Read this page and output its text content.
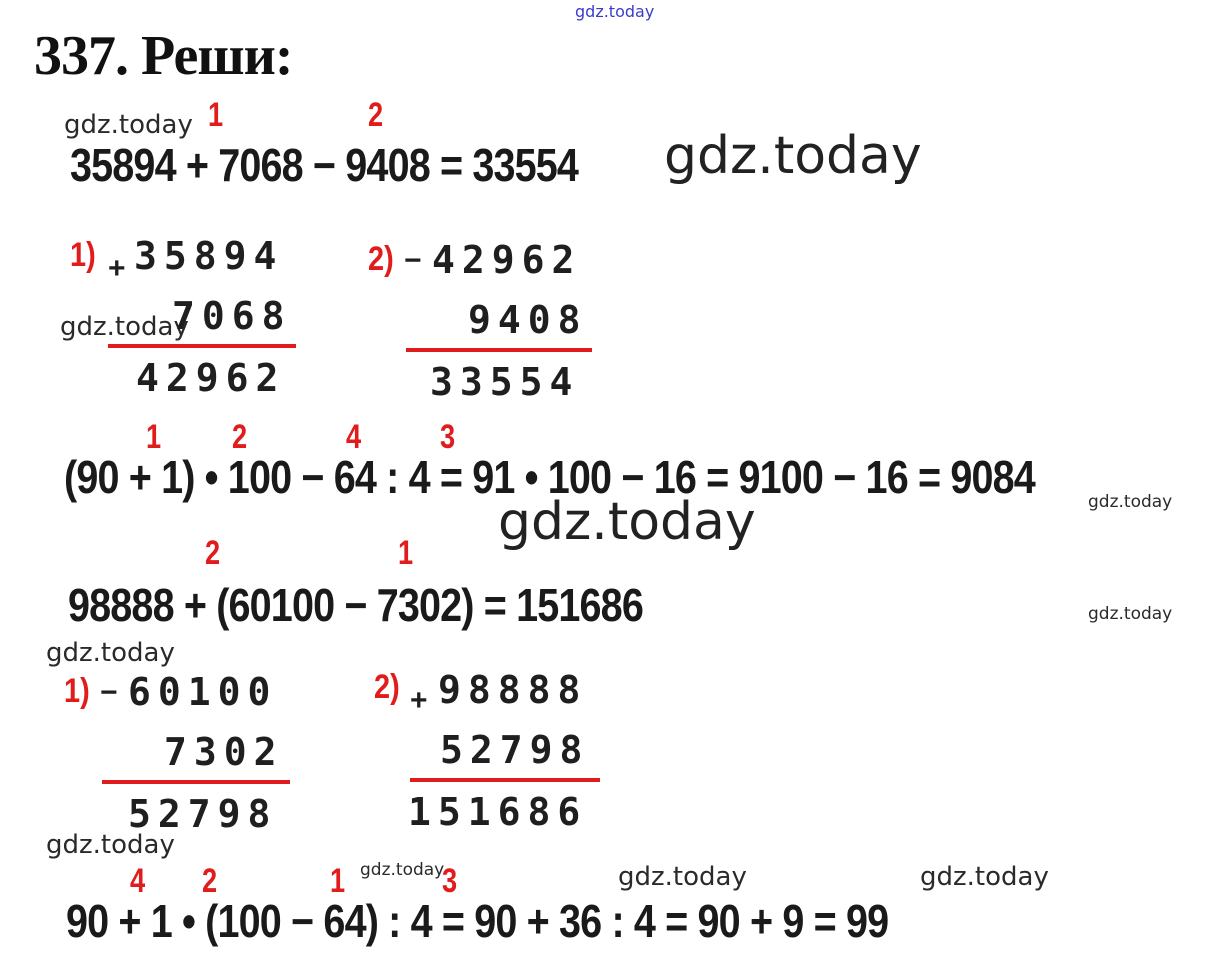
gdz.today
337. Реши:
gdz.today 1	2
35894 + 7068 − 9408 = 33554 gdz.today
1) + 35894
gdz.today
7068
42962
2) − 42962
9408
33554
1 2	4 3
(90 + 1) • 100 − 64 : 4 = 91 • 100 − 16 = 9100 − 16 = 9084	gdz.today
gdz.today
2	1
98888 + (60100 − 7302) = 151686	gdz.today
gdz.today
1) − 60100
7302
52798
2) + 98888
52798
151686
gdz.today
4 2	1 gdz.today
3	gdz.today	gdz.today
90 + 1 • (100 − 64) : 4 = 90 + 36 : 4 = 90 + 9 = 99
